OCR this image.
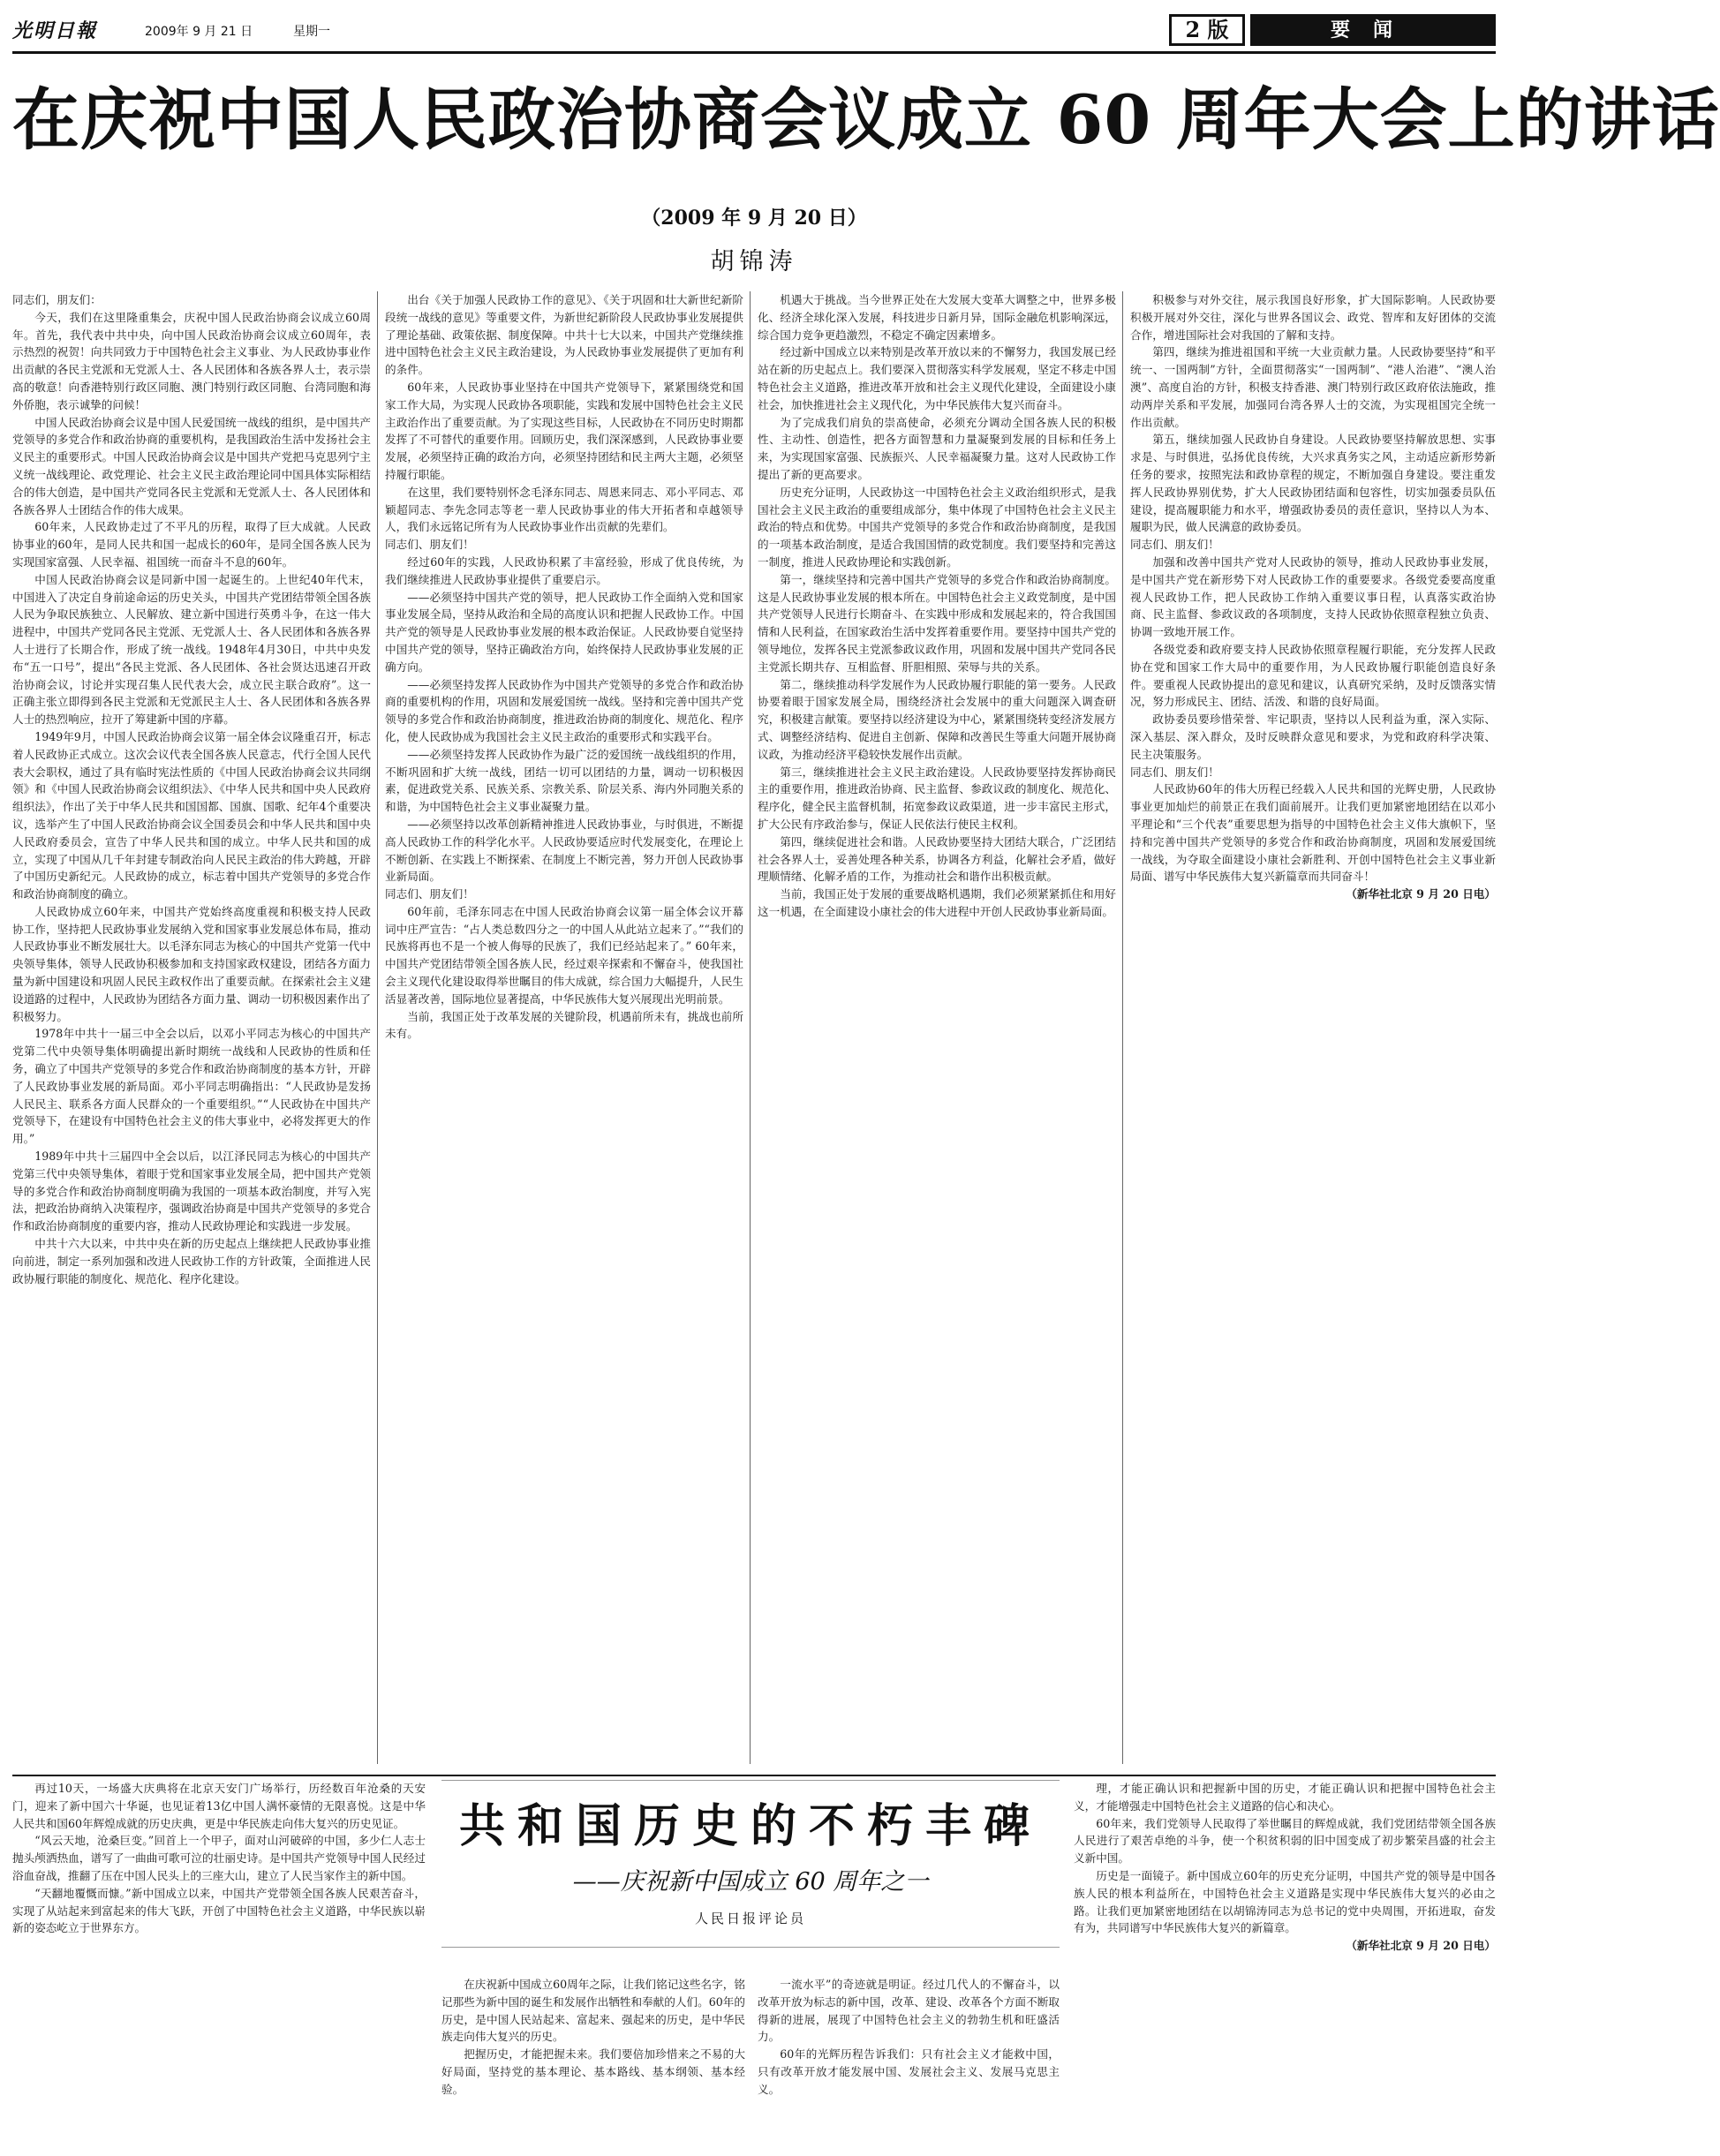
光明日報	2009年 9 月 21 日	星期一	2 版	要闻
在庆祝中国人民政治协商会议成立 60 周年大会上的讲话
（2009 年 9 月 20 日）
胡锦涛

同志们，朋友们：

今天，我们在这里隆重集会，庆祝中国人民政治协商会议成立60周年。首先，我代表中共中央，向中国人民政治协商会议成立60周年，表示热烈的祝贺！向共同致力于中国特色社会主义事业、为人民政协事业作出贡献的各民主党派和无党派人士、各人民团体和各族各界人士，表示崇高的敬意！向香港特别行政区同胞、澳门特别行政区同胞、台湾同胞和海外侨胞，表示诚挚的问候！

中国人民政治协商会议是中国人民爱国统一战线的组织，是中国共产党领导的多党合作和政治协商的重要机构，是我国政治生活中发扬社会主义民主的重要形式。中国人民政治协商会议是中国共产党把马克思列宁主义统一战线理论、政党理论、社会主义民主政治理论同中国具体实际相结合的伟大创造，是中国共产党同各民主党派和无党派人士、各人民团体和各族各界人士团结合作的伟大成果。

60年来，人民政协走过了不平凡的历程，取得了巨大成就。人民政协事业的60年，是同人民共和国一起成长的60年，是同全国各族人民为实现国家富强、人民幸福、祖国统一而奋斗不息的60年。

中国人民政治协商会议是同新中国一起诞生的。上世纪40年代末，中国进入了决定自身前途命运的历史关头，中国共产党团结带领全国各族人民为争取民族独立、人民解放、建立新中国进行英勇斗争，在这一伟大进程中，中国共产党同各民主党派、无党派人士、各人民团体和各族各界人士进行了长期合作，形成了统一战线。1948年4月30日，中共中央发布“五一口号”，提出“各民主党派、各人民团体、各社会贤达迅速召开政治协商会议，讨论并实现召集人民代表大会，成立民主联合政府”。这一正确主张立即得到各民主党派和无党派民主人士、各人民团体和各族各界人士的热烈响应，拉开了筹建新中国的序幕。

1949年9月，中国人民政治协商会议第一届全体会议隆重召开，标志着人民政协正式成立。这次会议代表全国各族人民意志，代行全国人民代表大会职权，通过了具有临时宪法性质的《中国人民政治协商会议共同纲领》和《中国人民政治协商会议组织法》、《中华人民共和国中央人民政府组织法》，作出了关于中华人民共和国国都、国旗、国歌、纪年4个重要决议，选举产生了中国人民政治协商会议全国委员会和中华人民共和国中央人民政府委员会，宣告了中华人民共和国的成立。中华人民共和国的成立，实现了中国从几千年封建专制政治向人民民主政治的伟大跨越，开辟了中国历史新纪元。人民政协的成立，标志着中国共产党领导的多党合作和政治协商制度的确立。

人民政协成立60年来，中国共产党始终高度重视和积极支持人民政协工作，坚持把人民政协事业发展纳入党和国家事业发展总体布局，推动人民政协事业不断发展壮大。以毛泽东同志为核心的中国共产党第一代中央领导集体，领导人民政协积极参加和支持国家政权建设，团结各方面力量为新中国建设和巩固人民民主政权作出了重要贡献。在探索社会主义建设道路的过程中，人民政协为团结各方面力量、调动一切积极因素作出了积极努力。

1978年中共十一届三中全会以后，以邓小平同志为核心的中国共产党第二代中央领导集体明确提出新时期统一战线和人民政协的性质和任务，确立了中国共产党领导的多党合作和政治协商制度的基本方针，开辟了人民政协事业发展的新局面。邓小平同志明确指出：“人民政协是发扬人民民主、联系各方面人民群众的一个重要组织。”“人民政协在中国共产党领导下，在建设有中国特色社会主义的伟大事业中，必将发挥更大的作用。”

1989年中共十三届四中全会以后，以江泽民同志为核心的中国共产党第三代中央领导集体，着眼于党和国家事业发展全局，把中国共产党领导的多党合作和政治协商制度明确为我国的一项基本政治制度，并写入宪法，把政治协商纳入决策程序，强调政治协商是中国共产党领导的多党合作和政治协商制度的重要内容，推动人民政协理论和实践进一步发展。

中共十六大以来，中共中央在新的历史起点上继续把人民政协事业推向前进，制定一系列加强和改进人民政协工作的方针政策，全面推进人民政协履行职能的制度化、规范化、程序化建设。

出台《关于加强人民政协工作的意见》、《关于巩固和壮大新世纪新阶段统一战线的意见》等重要文件，为新世纪新阶段人民政协事业发展提供了理论基础、政策依据、制度保障。中共十七大以来，中国共产党继续推进中国特色社会主义民主政治建设，为人民政协事业发展提供了更加有利的条件。

60年来，人民政协事业坚持在中国共产党领导下，紧紧围绕党和国家工作大局，为实现人民政协各项职能，实践和发展中国特色社会主义民主政治作出了重要贡献。为了实现这些目标，人民政协在不同历史时期都发挥了不可替代的重要作用。回顾历史，我们深深感到，人民政协事业要发展，必须坚持正确的政治方向，必须坚持团结和民主两大主题，必须坚持履行职能。

在这里，我们要特别怀念毛泽东同志、周恩来同志、邓小平同志、邓颖超同志、李先念同志等老一辈人民政协事业的伟大开拓者和卓越领导人，我们永远铭记所有为人民政协事业作出贡献的先辈们。

同志们、朋友们！

经过60年的实践，人民政协积累了丰富经验，形成了优良传统，为我们继续推进人民政协事业提供了重要启示。

——必须坚持中国共产党的领导，把人民政协工作全面纳入党和国家事业发展全局，坚持从政治和全局的高度认识和把握人民政协工作。中国共产党的领导是人民政协事业发展的根本政治保证。人民政协要自觉坚持中国共产党的领导，坚持正确政治方向，始终保持人民政协事业发展的正确方向。

——必须坚持发挥人民政协作为中国共产党领导的多党合作和政治协商的重要机构的作用，巩固和发展爱国统一战线。坚持和完善中国共产党领导的多党合作和政治协商制度，推进政治协商的制度化、规范化、程序化，使人民政协成为我国社会主义民主政治的重要形式和实践平台。

——必须坚持发挥人民政协作为最广泛的爱国统一战线组织的作用，不断巩固和扩大统一战线，团结一切可以团结的力量，调动一切积极因素，促进政党关系、民族关系、宗教关系、阶层关系、海内外同胞关系的和谐，为中国特色社会主义事业凝聚力量。

——必须坚持以改革创新精神推进人民政协事业，与时俱进，不断提高人民政协工作的科学化水平。人民政协要适应时代发展变化，在理论上不断创新、在实践上不断探索、在制度上不断完善，努力开创人民政协事业新局面。

同志们、朋友们！

60年前，毛泽东同志在中国人民政治协商会议第一届全体会议开幕词中庄严宣告：“占人类总数四分之一的中国人从此站立起来了。”“我们的民族将再也不是一个被人侮辱的民族了，我们已经站起来了。” 60年来，中国共产党团结带领全国各族人民，经过艰辛探索和不懈奋斗，使我国社会主义现代化建设取得举世瞩目的伟大成就，综合国力大幅提升，人民生活显著改善，国际地位显著提高，中华民族伟大复兴展现出光明前景。

当前，我国正处于改革发展的关键阶段，机遇前所未有，挑战也前所未有。

机遇大于挑战。当今世界正处在大发展大变革大调整之中，世界多极化、经济全球化深入发展，科技进步日新月异，国际金融危机影响深远，综合国力竞争更趋激烈，不稳定不确定因素增多。

经过新中国成立以来特别是改革开放以来的不懈努力，我国发展已经站在新的历史起点上。我们要深入贯彻落实科学发展观，坚定不移走中国特色社会主义道路，推进改革开放和社会主义现代化建设，全面建设小康社会，加快推进社会主义现代化，为中华民族伟大复兴而奋斗。

为了完成我们肩负的崇高使命，必须充分调动全国各族人民的积极性、主动性、创造性，把各方面智慧和力量凝聚到发展的目标和任务上来，为实现国家富强、民族振兴、人民幸福凝聚力量。这对人民政协工作提出了新的更高要求。

历史充分证明，人民政协这一中国特色社会主义政治组织形式，是我国社会主义民主政治的重要组成部分，集中体现了中国特色社会主义民主政治的特点和优势。中国共产党领导的多党合作和政治协商制度，是我国的一项基本政治制度，是适合我国国情的政党制度。我们要坚持和完善这一制度，推进人民政协理论和实践创新。

第一，继续坚持和完善中国共产党领导的多党合作和政治协商制度。这是人民政协事业发展的根本所在。中国特色社会主义政党制度，是中国共产党领导人民进行长期奋斗、在实践中形成和发展起来的，符合我国国情和人民利益，在国家政治生活中发挥着重要作用。要坚持中国共产党的领导地位，发挥各民主党派参政议政作用，巩固和发展中国共产党同各民主党派长期共存、互相监督、肝胆相照、荣辱与共的关系。

第二，继续推动科学发展作为人民政协履行职能的第一要务。人民政协要着眼于国家发展全局，围绕经济社会发展中的重大问题深入调查研究，积极建言献策。要坚持以经济建设为中心，紧紧围绕转变经济发展方式、调整经济结构、促进自主创新、保障和改善民生等重大问题开展协商议政，为推动经济平稳较快发展作出贡献。

第三，继续推进社会主义民主政治建设。人民政协要坚持发挥协商民主的重要作用，推进政治协商、民主监督、参政议政的制度化、规范化、程序化，健全民主监督机制，拓宽参政议政渠道，进一步丰富民主形式，扩大公民有序政治参与，保证人民依法行使民主权利。

第四，继续促进社会和谐。人民政协要坚持大团结大联合，广泛团结社会各界人士，妥善处理各种关系，协调各方利益，化解社会矛盾，做好理顺情绪、化解矛盾的工作，为推动社会和谐作出积极贡献。

当前，我国正处于发展的重要战略机遇期，我们必须紧紧抓住和用好这一机遇，在全面建设小康社会的伟大进程中开创人民政协事业新局面。

积极参与对外交往，展示我国良好形象，扩大国际影响。人民政协要积极开展对外交往，深化与世界各国议会、政党、智库和友好团体的交流合作，增进国际社会对我国的了解和支持。

第四，继续为推进祖国和平统一大业贡献力量。人民政协要坚持“和平统一、一国两制”方针，全面贯彻落实“一国两制”、“港人治港”、“澳人治澳”、高度自治的方针，积极支持香港、澳门特别行政区政府依法施政，推动两岸关系和平发展，加强同台湾各界人士的交流，为实现祖国完全统一作出贡献。

第五，继续加强人民政协自身建设。人民政协要坚持解放思想、实事求是、与时俱进，弘扬优良传统，大兴求真务实之风，主动适应新形势新任务的要求，按照宪法和政协章程的规定，不断加强自身建设。要注重发挥人民政协界别优势，扩大人民政协团结面和包容性，切实加强委员队伍建设，提高履职能力和水平，增强政协委员的责任意识，坚持以人为本、履职为民，做人民满意的政协委员。

同志们、朋友们！

加强和改善中国共产党对人民政协的领导，推动人民政协事业发展，是中国共产党在新形势下对人民政协工作的重要要求。各级党委要高度重视人民政协工作，把人民政协工作纳入重要议事日程，认真落实政治协商、民主监督、参政议政的各项制度，支持人民政协依照章程独立负责、协调一致地开展工作。

各级党委和政府要支持人民政协依照章程履行职能，充分发挥人民政协在党和国家工作大局中的重要作用，为人民政协履行职能创造良好条件。要重视人民政协提出的意见和建议，认真研究采纳，及时反馈落实情况，努力形成民主、团结、活泼、和谐的良好局面。

政协委员要珍惜荣誉、牢记职责，坚持以人民利益为重，深入实际、深入基层、深入群众，及时反映群众意见和要求，为党和政府科学决策、民主决策服务。

同志们、朋友们！

人民政协60年的伟大历程已经载入人民共和国的光辉史册，人民政协事业更加灿烂的前景正在我们面前展开。让我们更加紧密地团结在以邓小平理论和“三个代表”重要思想为指导的中国特色社会主义伟大旗帜下，坚持和完善中国共产党领导的多党合作和政治协商制度，巩固和发展爱国统一战线，为夺取全面建设小康社会新胜利、开创中国特色社会主义事业新局面、谱写中华民族伟大复兴新篇章而共同奋斗！

（新华社北京 9 月 20 日电）

再过10天，一场盛大庆典将在北京天安门广场举行，历经数百年沧桑的天安门，迎来了新中国六十华诞，也见证着13亿中国人满怀豪情的无限喜悦。这是中华人民共和国60年辉煌成就的历史庆典，更是中华民族走向伟大复兴的历史见证。

“风云天地，沧桑巨变。”回首上一个甲子，面对山河破碎的中国，多少仁人志士抛头颅洒热血，谱写了一曲曲可歌可泣的壮丽史诗。是中国共产党领导中国人民经过浴血奋战，推翻了压在中国人民头上的三座大山，建立了人民当家作主的新中国。

“天翻地覆慨而慷。”新中国成立以来，中国共产党带领全国各族人民艰苦奋斗，实现了从站起来到富起来的伟大飞跃，开创了中国特色社会主义道路，中华民族以崭新的姿态屹立于世界东方。

共和国历史的不朽丰碑
——庆祝新中国成立 60 周年之一
人民日报评论员

在庆祝新中国成立60周年之际，让我们铭记这些名字，铭记那些为新中国的诞生和发展作出牺牲和奉献的人们。60年的历史，是中国人民站起来、富起来、强起来的历史，是中华民族走向伟大复兴的历史。

把握历史，才能把握未来。我们要倍加珍惜来之不易的大好局面，坚持党的基本理论、基本路线、基本纲领、基本经验。

一流水平”的奇迹就是明证。经过几代人的不懈奋斗，以改革开放为标志的新中国，改革、建设、改革各个方面不断取得新的进展，展现了中国特色社会主义的勃勃生机和旺盛活力。

60年的光辉历程告诉我们：只有社会主义才能救中国，只有改革开放才能发展中国、发展社会主义、发展马克思主义。

理，才能正确认识和把握新中国的历史，才能正确认识和把握中国特色社会主义，才能增强走中国特色社会主义道路的信心和决心。

60年来，我们党领导人民取得了举世瞩目的辉煌成就，我们党团结带领全国各族人民进行了艰苦卓绝的斗争，使一个积贫积弱的旧中国变成了初步繁荣昌盛的社会主义新中国。

历史是一面镜子。新中国成立60年的历史充分证明，中国共产党的领导是中国各族人民的根本利益所在，中国特色社会主义道路是实现中华民族伟大复兴的必由之路。让我们更加紧密地团结在以胡锦涛同志为总书记的党中央周围，开拓进取，奋发有为，共同谱写中华民族伟大复兴的新篇章。

（新华社北京 9 月 20 日电）
